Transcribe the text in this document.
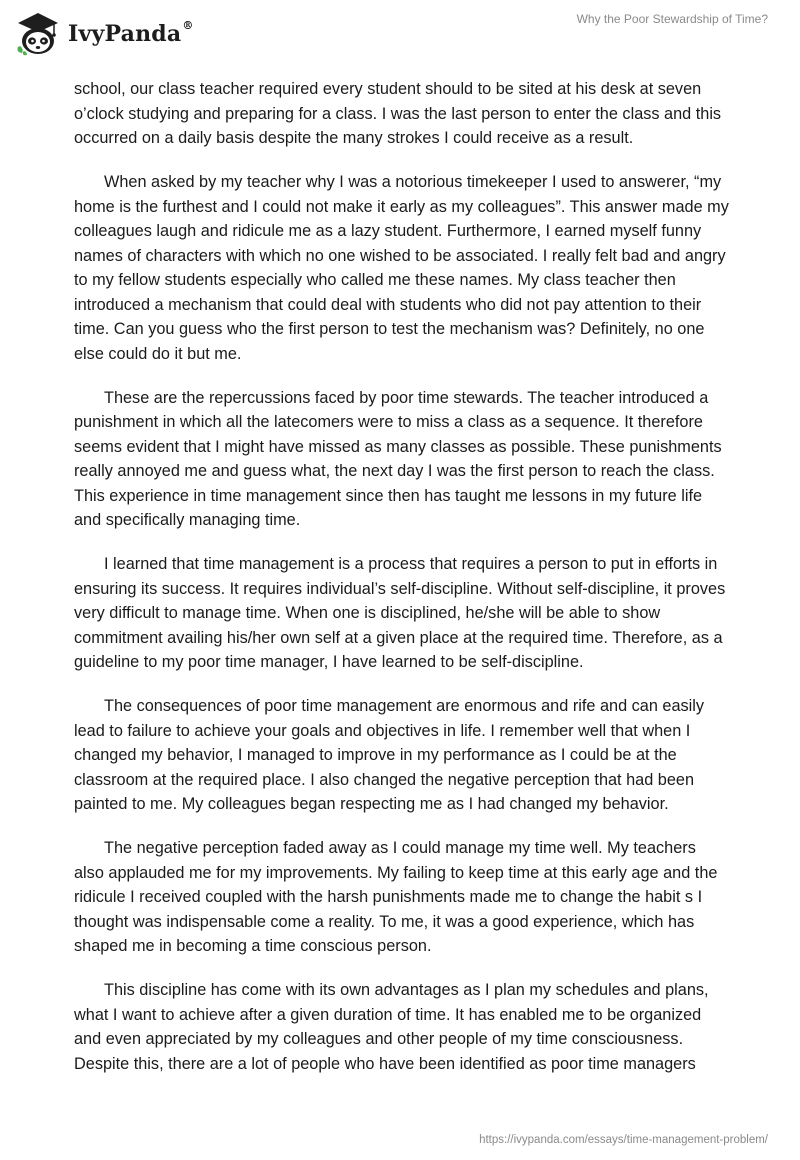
IvyPanda®	Why the Poor Stewardship of Time?

school, our class teacher required every student should to be sited at his desk at seven o’clock studying and preparing for a class. I was the last person to enter the class and this occurred on a daily basis despite the many strokes I could receive as a result.

When asked by my teacher why I was a notorious timekeeper I used to answerer, “my home is the furthest and I could not make it early as my colleagues”. This answer made my colleagues laugh and ridicule me as a lazy student. Furthermore, I earned myself funny names of characters with which no one wished to be associated. I really felt bad and angry to my fellow students especially who called me these names. My class teacher then introduced a mechanism that could deal with students who did not pay attention to their time. Can you guess who the first person to test the mechanism was? Definitely, no one else could do it but me.

These are the repercussions faced by poor time stewards. The teacher introduced a punishment in which all the latecomers were to miss a class as a sequence. It therefore seems evident that I might have missed as many classes as possible. These punishments really annoyed me and guess what, the next day I was the first person to reach the class. This experience in time management since then has taught me lessons in my future life and specifically managing time.

I learned that time management is a process that requires a person to put in efforts in ensuring its success. It requires individual’s self-discipline. Without self-discipline, it proves very difficult to manage time. When one is disciplined, he/she will be able to show commitment availing his/her own self at a given place at the required time. Therefore, as a guideline to my poor time manager, I have learned to be self-discipline.

The consequences of poor time management are enormous and rife and can easily lead to failure to achieve your goals and objectives in life. I remember well that when I changed my behavior, I managed to improve in my performance as I could be at the classroom at the required place. I also changed the negative perception that had been painted to me. My colleagues began respecting me as I had changed my behavior.

The negative perception faded away as I could manage my time well. My teachers also applauded me for my improvements. My failing to keep time at this early age and the ridicule I received coupled with the harsh punishments made me to change the habit s I thought was indispensable come a reality. To me, it was a good experience, which has shaped me in becoming a time conscious person.

This discipline has come with its own advantages as I plan my schedules and plans, what I want to achieve after a given duration of time. It has enabled me to be organized and even appreciated by my colleagues and other people of my time consciousness. Despite this, there are a lot of people who have been identified as poor time managers

https://ivypanda.com/essays/time-management-problem/
